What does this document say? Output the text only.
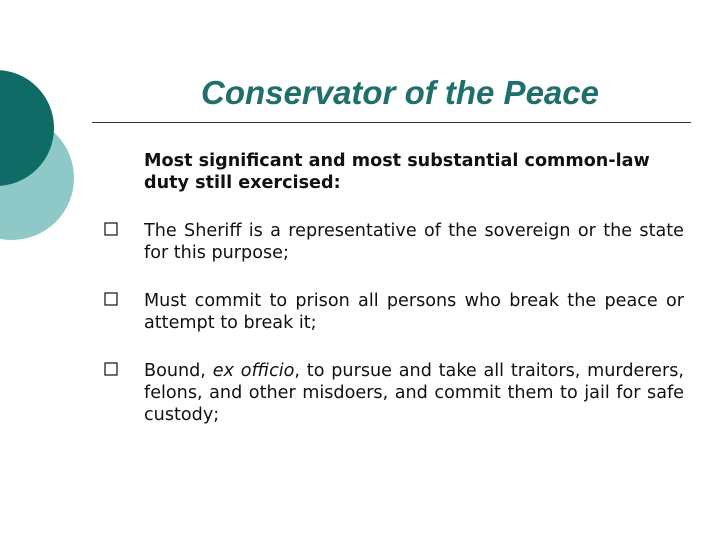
Conservator of the Peace

Most significant and most substantial common-law duty still exercised:

The Sheriff is a representative of the sovereign or the state for this purpose;
Must commit to prison all persons who break the peace or attempt to break it;
Bound, ex officio, to pursue and take all traitors, murderers, felons, and other misdoers, and commit them to jail for safe custody;
